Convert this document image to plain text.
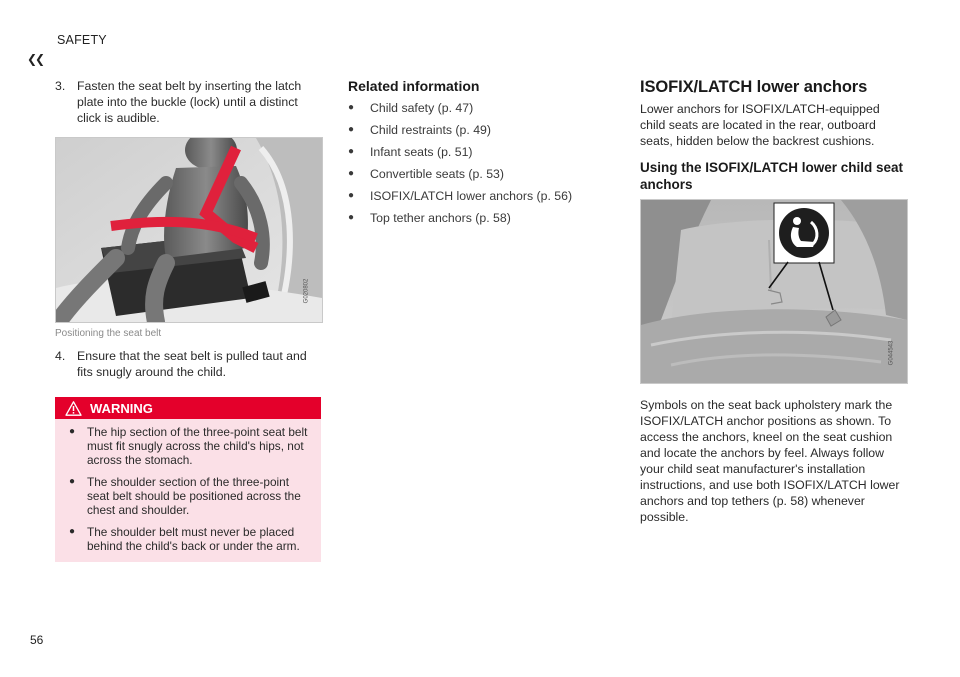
SAFETY
❮❮
56
3. Fasten the seat belt by inserting the latch plate into the buckle (lock) until a distinct click is audible.
G020802
Positioning the seat belt
4. Ensure that the seat belt is pulled taut and fits snugly around the child.
WARNING
●	The hip section of the three-point seat belt must fit snugly across the child's hips, not across the stomach.
●	The shoulder section of the three-point seat belt should be positioned across the chest and shoulder.
●	The shoulder belt must never be placed behind the child's back or under the arm.
Related information
●	Child safety (p. 47)
●	Child restraints (p. 49)
●	Infant seats (p. 51)
●	Convertible seats (p. 53)
●	ISOFIX/LATCH lower anchors (p. 56)
●	Top tether anchors (p. 58)
ISOFIX/LATCH lower anchors
Lower anchors for ISOFIX/LATCH-equipped child seats are located in the rear, outboard seats, hidden below the backrest cushions.
Using the ISOFIX/LATCH lower child seat anchors
G044543
Symbols on the seat back upholstery mark the ISOFIX/LATCH anchor positions as shown. To access the anchors, kneel on the seat cushion and locate the anchors by feel. Always follow your child seat manufacturer's installation instructions, and use both ISOFIX/LATCH lower anchors and top tethers (p. 58) whenever possible.
